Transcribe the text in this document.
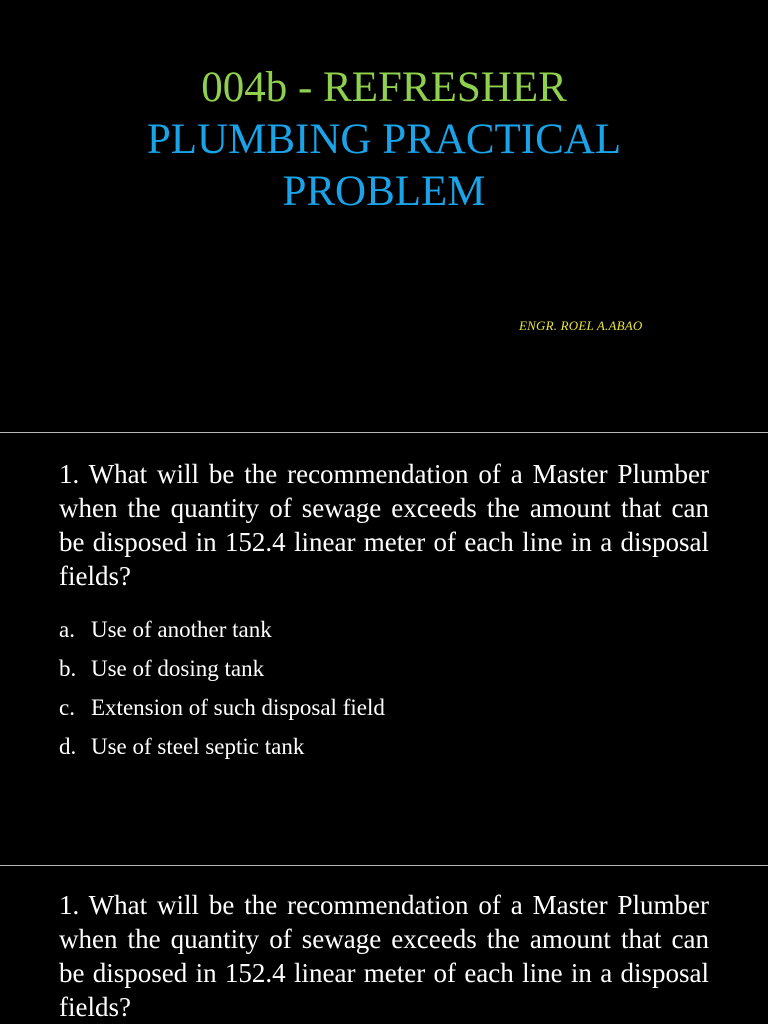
004b - REFRESHER
PLUMBING PRACTICAL
PROBLEM
ENGR. ROEL A.ABAO
1. What will be the recommendation of a Master Plumber when the quantity of sewage exceeds the amount that can be disposed in 152.4 linear meter of each line in a disposal fields?
a. Use of another tank
b. Use of dosing tank
c. Extension of such disposal field
d. Use of steel septic tank
1. What will be the recommendation of a Master Plumber when the quantity of sewage exceeds the amount that can be disposed in 152.4 linear meter of each line in a disposal fields?
